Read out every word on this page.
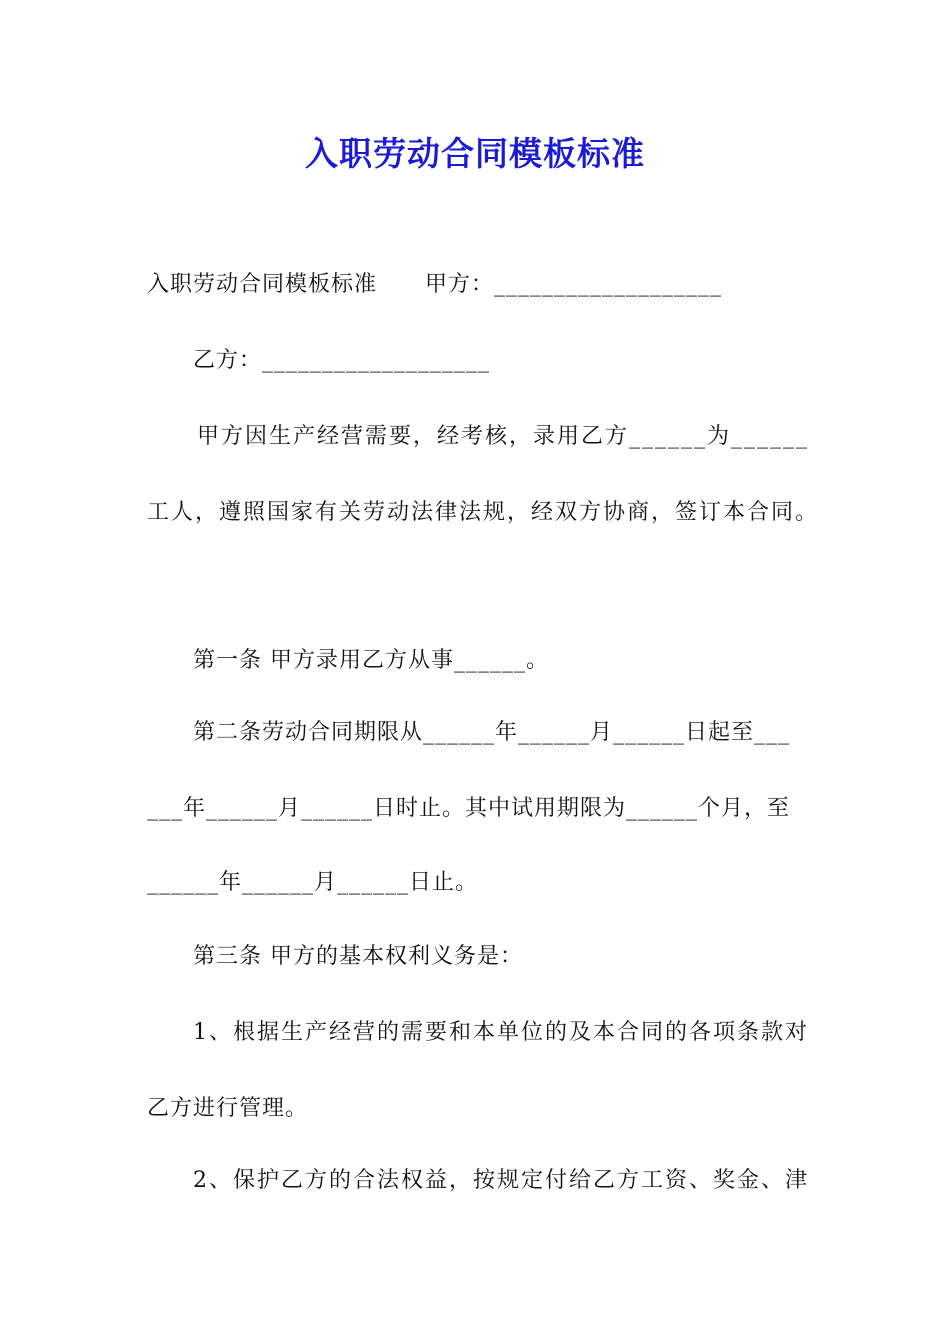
入职劳动合同模板标准
入职劳动合同模板标准 甲方：___________________
乙方：___________________
甲方因生产经营需要，经考核，录用乙方______为______
工人，遵照国家有关劳动法律法规，经双方协商，签订本合同。
第一条 甲方录用乙方从事______。
第二条劳动合同期限从______年______月______日起至___
___年______月______日时止。其中试用期限为______个月，至
______年______月______日止。
第三条 甲方的基本权利义务是：
1、根据生产经营的需要和本单位的及本合同的各项条款对
乙方进行管理。
2、保护乙方的合法权益，按规定付给乙方工资、奖金、津
